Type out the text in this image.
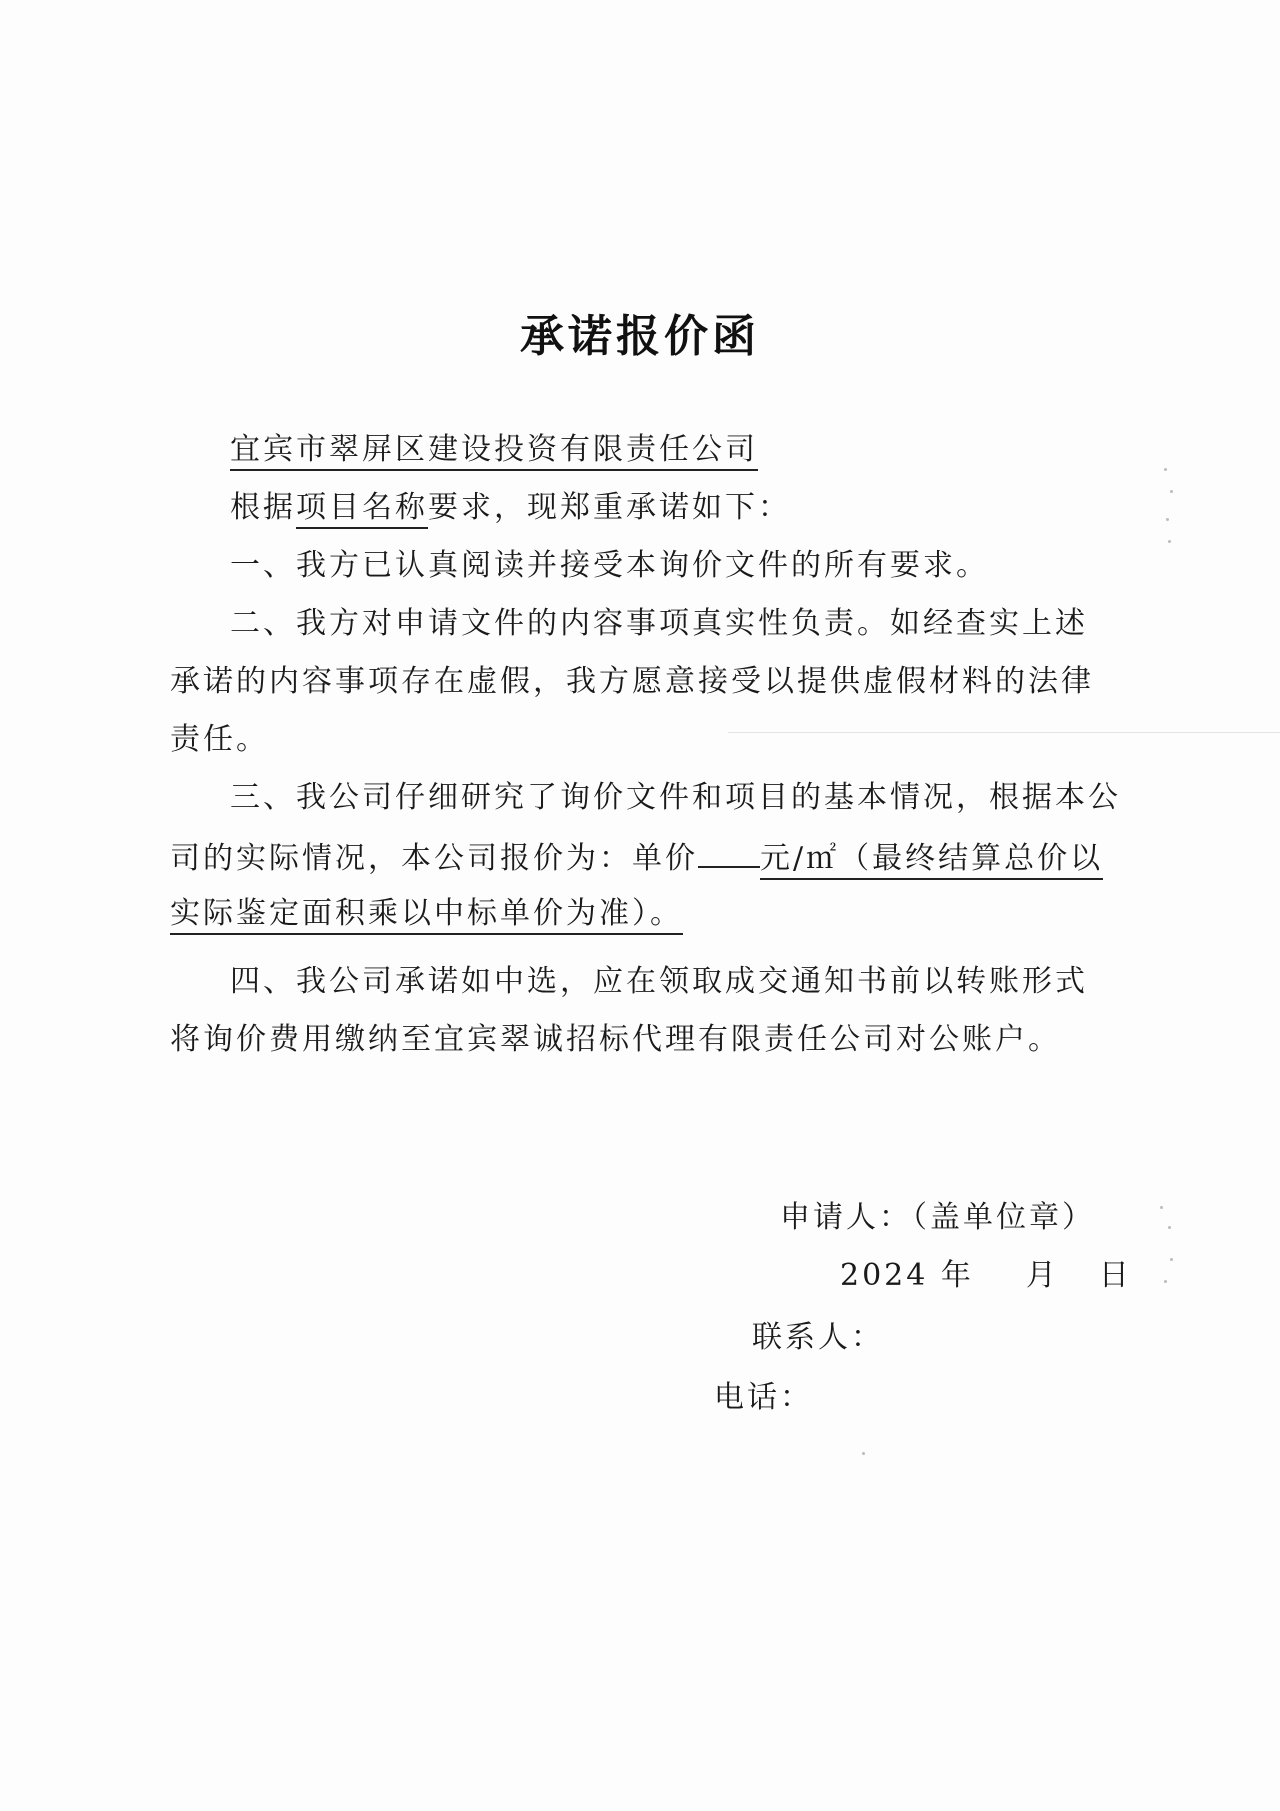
承诺报价函
宜宾市翠屏区建设投资有限责任公司
根据项目名称要求，现郑重承诺如下：
一、我方已认真阅读并接受本询价文件的所有要求。
二、我方对申请文件的内容事项真实性负责。如经查实上述
承诺的内容事项存在虚假，我方愿意接受以提供虚假材料的法律
责任。
三、我公司仔细研究了询价文件和项目的基本情况，根据本公
司的实际情况，本公司报价为：单价 元/㎡（最终结算总价以
实际鉴定面积乘以中标单价为准）。
四、我公司承诺如中选，应在领取成交通知书前以转账形式
将询价费用缴纳至宜宾翠诚招标代理有限责任公司对公账户。
申请人：（盖单位章）
2024 年 月 日
联系人：
电话：
